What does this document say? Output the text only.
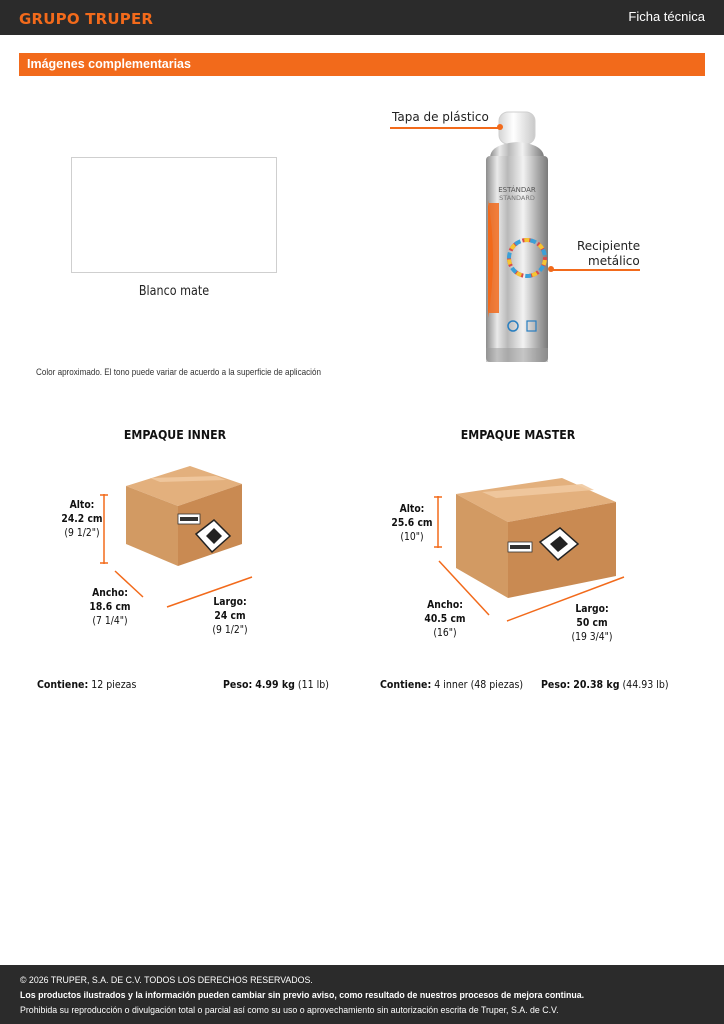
GRUPO TRUPER	Ficha técnica
Imágenes complementarias
Blanco mate
Color aproximado. El tono puede variar de acuerdo a la superficie de aplicación
ESTÁNDAR
STANDARD
Tapa de plástico
Recipiente
metálico
EMPAQUE INNER
Alto:
24.2 cm
(9 1/2")
Ancho:
18.6 cm
(7 1/4")
Largo:
24 cm
(9 1/2")
EMPAQUE MASTER
Alto:
25.6 cm
(10")
Ancho:
40.5 cm
(16")
Largo:
50 cm
(19 3/4")
Contiene: 12 piezas	Peso: 4.99 kg (11 lb)	Contiene: 4 inner (48 piezas) Peso: 20.38 kg (44.93 lb)

© 2026 TRUPER, S.A. DE C.V. TODOS LOS DERECHOS RESERVADOS.

Los productos ilustrados y la información pueden cambiar sin previo aviso, como resultado de nuestros procesos de mejora continua.

Prohibida su reproducción o divulgación total o parcial así como su uso o aprovechamiento sin autorización escrita de Truper, S.A. de C.V.
